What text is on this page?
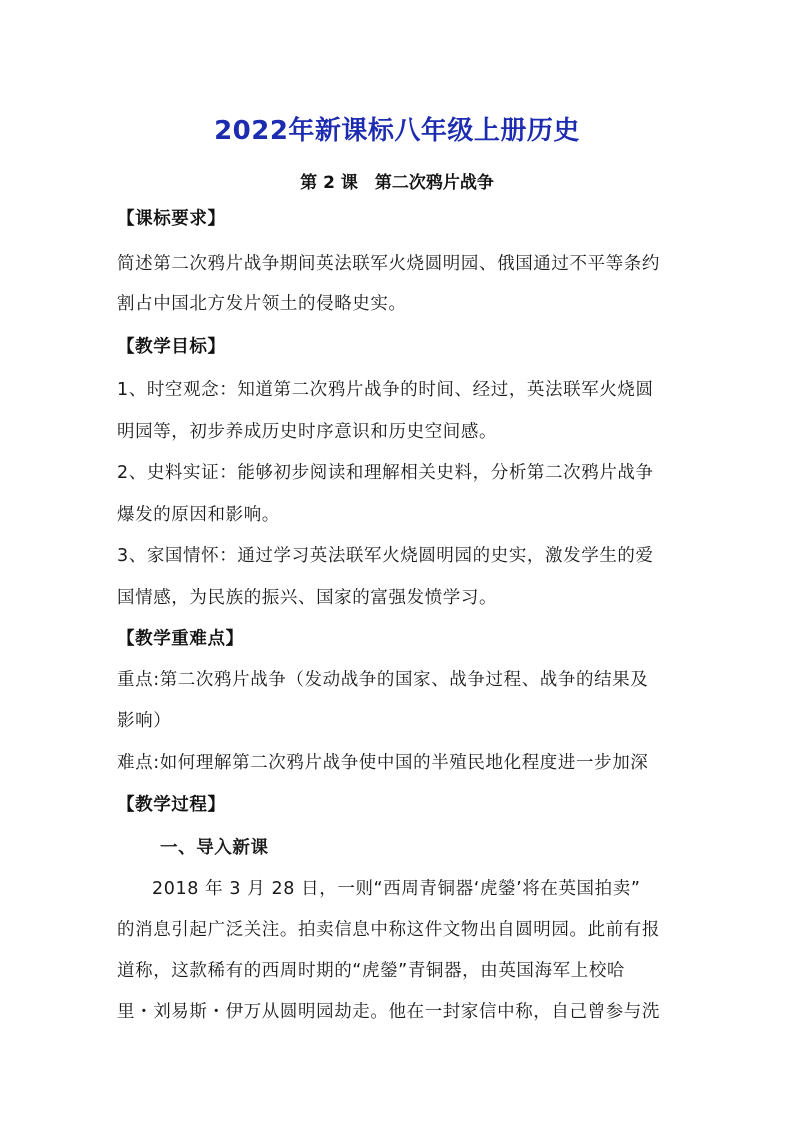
2022年新课标八年级上册历史
第 2 课　第二次鸦片战争
【课标要求】
简述第二次鸦片战争期间英法联军火烧圆明园、俄国通过不平等条约
割占中国北方发片领土的侵略史实。
【教学目标】
1、时空观念：知道第二次鸦片战争的时间、经过，英法联军火烧圆
明园等，初步养成历史时序意识和历史空间感。
2、史料实证：能够初步阅读和理解相关史料，分析第二次鸦片战争
爆发的原因和影响。
3、家国情怀：通过学习英法联军火烧圆明园的史实，激发学生的爱
国情感，为民族的振兴、国家的富强发愤学习。
【教学重难点】
重点:第二次鸦片战争（发动战争的国家、战争过程、战争的结果及
影响）
难点:如何理解第二次鸦片战争使中国的半殖民地化程度进一步加深
【教学过程】
一、导入新课
2018 年 3 月 28 日，一则“西周青铜器‘虎鎣’将在英国拍卖”
的消息引起广泛关注。拍卖信息中称这件文物出自圆明园。此前有报
道称，这款稀有的西周时期的“虎鎣”青铜器，由英国海军上校哈
里・刘易斯・伊万从圆明园劫走。他在一封家信中称，自己曾参与洗
